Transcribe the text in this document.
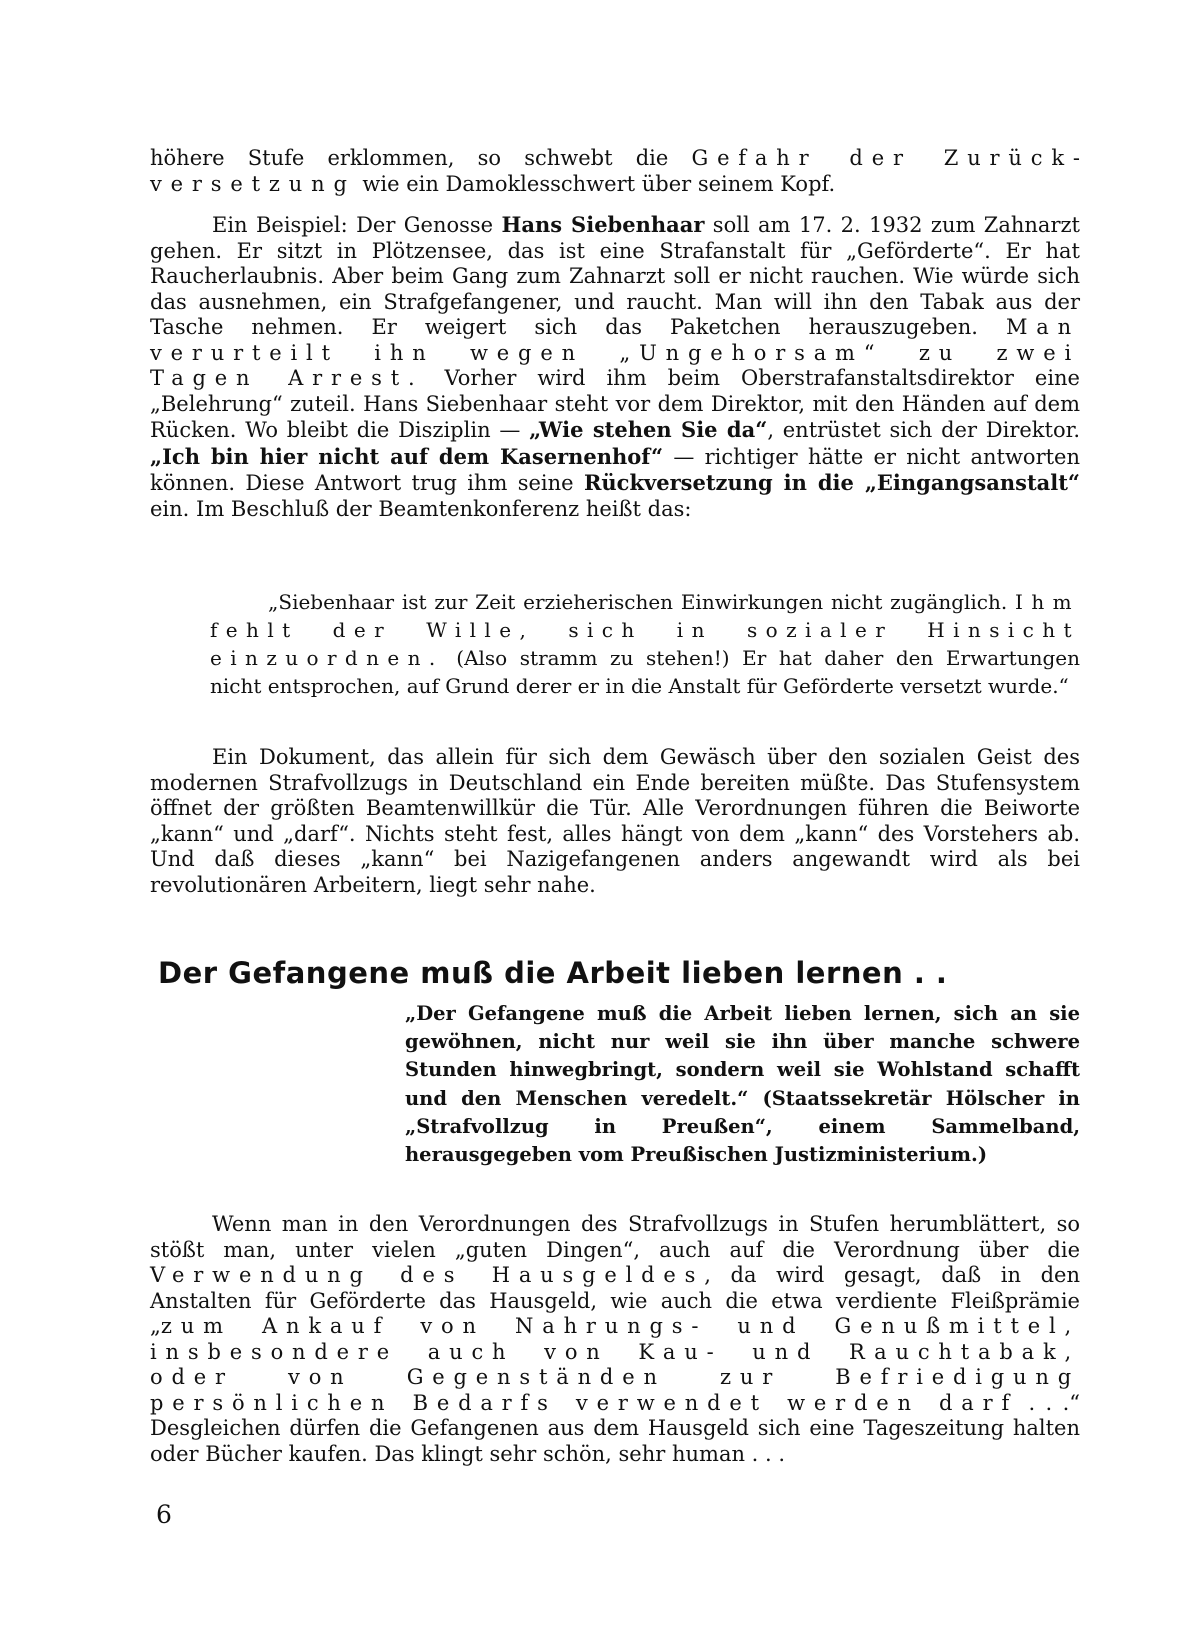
höhere Stufe erklommen, so schwebt die Gefahr der Zurückversetzung wie ein Damoklesschwert über seinem Kopf.

Ein Beispiel: Der Genosse Hans Siebenhaar soll am 17. 2. 1932 zum Zahnarzt gehen. Er sitzt in Plötzensee, das ist eine Strafanstalt für „Geförderte“. Er hat Raucherlaubnis. Aber beim Gang zum Zahnarzt soll er nicht rauchen. Wie würde sich das ausnehmen, ein Strafgefangener, und raucht. Man will ihn den Tabak aus der Tasche nehmen. Er weigert sich das Paketchen herauszugeben. Man verurteilt ihn wegen „Ungehorsam“ zu zwei Tagen Arrest. Vorher wird ihm beim Oberstrafanstaltsdirektor eine „Belehrung“ zuteil. Hans Siebenhaar steht vor dem Direktor, mit den Händen auf dem Rücken. Wo bleibt die Disziplin — „Wie stehen Sie da“, entrüstet sich der Direktor. „Ich bin hier nicht auf dem Kasernenhof“ — richtiger hätte er nicht antworten können. Diese Antwort trug ihm seine Rückversetzung in die „Eingangsanstalt“ ein. Im Beschluß der Beamtenkonferenz heißt das:

„Siebenhaar ist zur Zeit erzieherischen Einwirkungen nicht zugänglich. Ihm fehlt der Wille, sich in sozialer Hinsicht einzuordnen. (Also stramm zu stehen!) Er hat daher den Erwartungen nicht entsprochen, auf Grund derer er in die Anstalt für Geförderte versetzt wurde.“

Ein Dokument, das allein für sich dem Gewäsch über den sozialen Geist des modernen Strafvollzugs in Deutschland ein Ende bereiten müßte. Das Stufensystem öffnet der größten Beamtenwillkür die Tür. Alle Verordnungen führen die Beiworte „kann“ und „darf“. Nichts steht fest, alles hängt von dem „kann“ des Vorstehers ab. Und daß dieses „kann“ bei Nazigefangenen anders angewandt wird als bei revolutionären Arbeitern, liegt sehr nahe.

Der Gefangene muß die Arbeit lieben lernen . .
„Der Gefangene muß die Arbeit lieben lernen, sich an sie gewöhnen, nicht nur weil sie ihn über manche schwere Stunden hinwegbringt, sondern weil sie Wohlstand schafft und den Menschen veredelt.“ (Staatssekretär Hölscher in „Strafvollzug in Preußen“, einem Sammelband, herausgegeben vom Preußischen Justizministerium.)

Wenn man in den Verordnungen des Strafvollzugs in Stufen herumblättert, so stößt man, unter vielen „guten Dingen“, auch auf die Verordnung über die Verwendung des Hausgeldes, da wird gesagt, daß in den Anstalten für Geförderte das Hausgeld, wie auch die etwa verdiente Fleißprämie „zum Ankauf von Nahrungs- und Genußmittel, insbesondere auch von Kau- und Rauchtabak, oder von Gegenständen zur Befriedigung persönlichen Bedarfs verwendet werden darf . . .“ Desgleichen dürfen die Gefangenen aus dem Hausgeld sich eine Tageszeitung halten oder Bücher kaufen. Das klingt sehr schön, sehr human . . .

6
